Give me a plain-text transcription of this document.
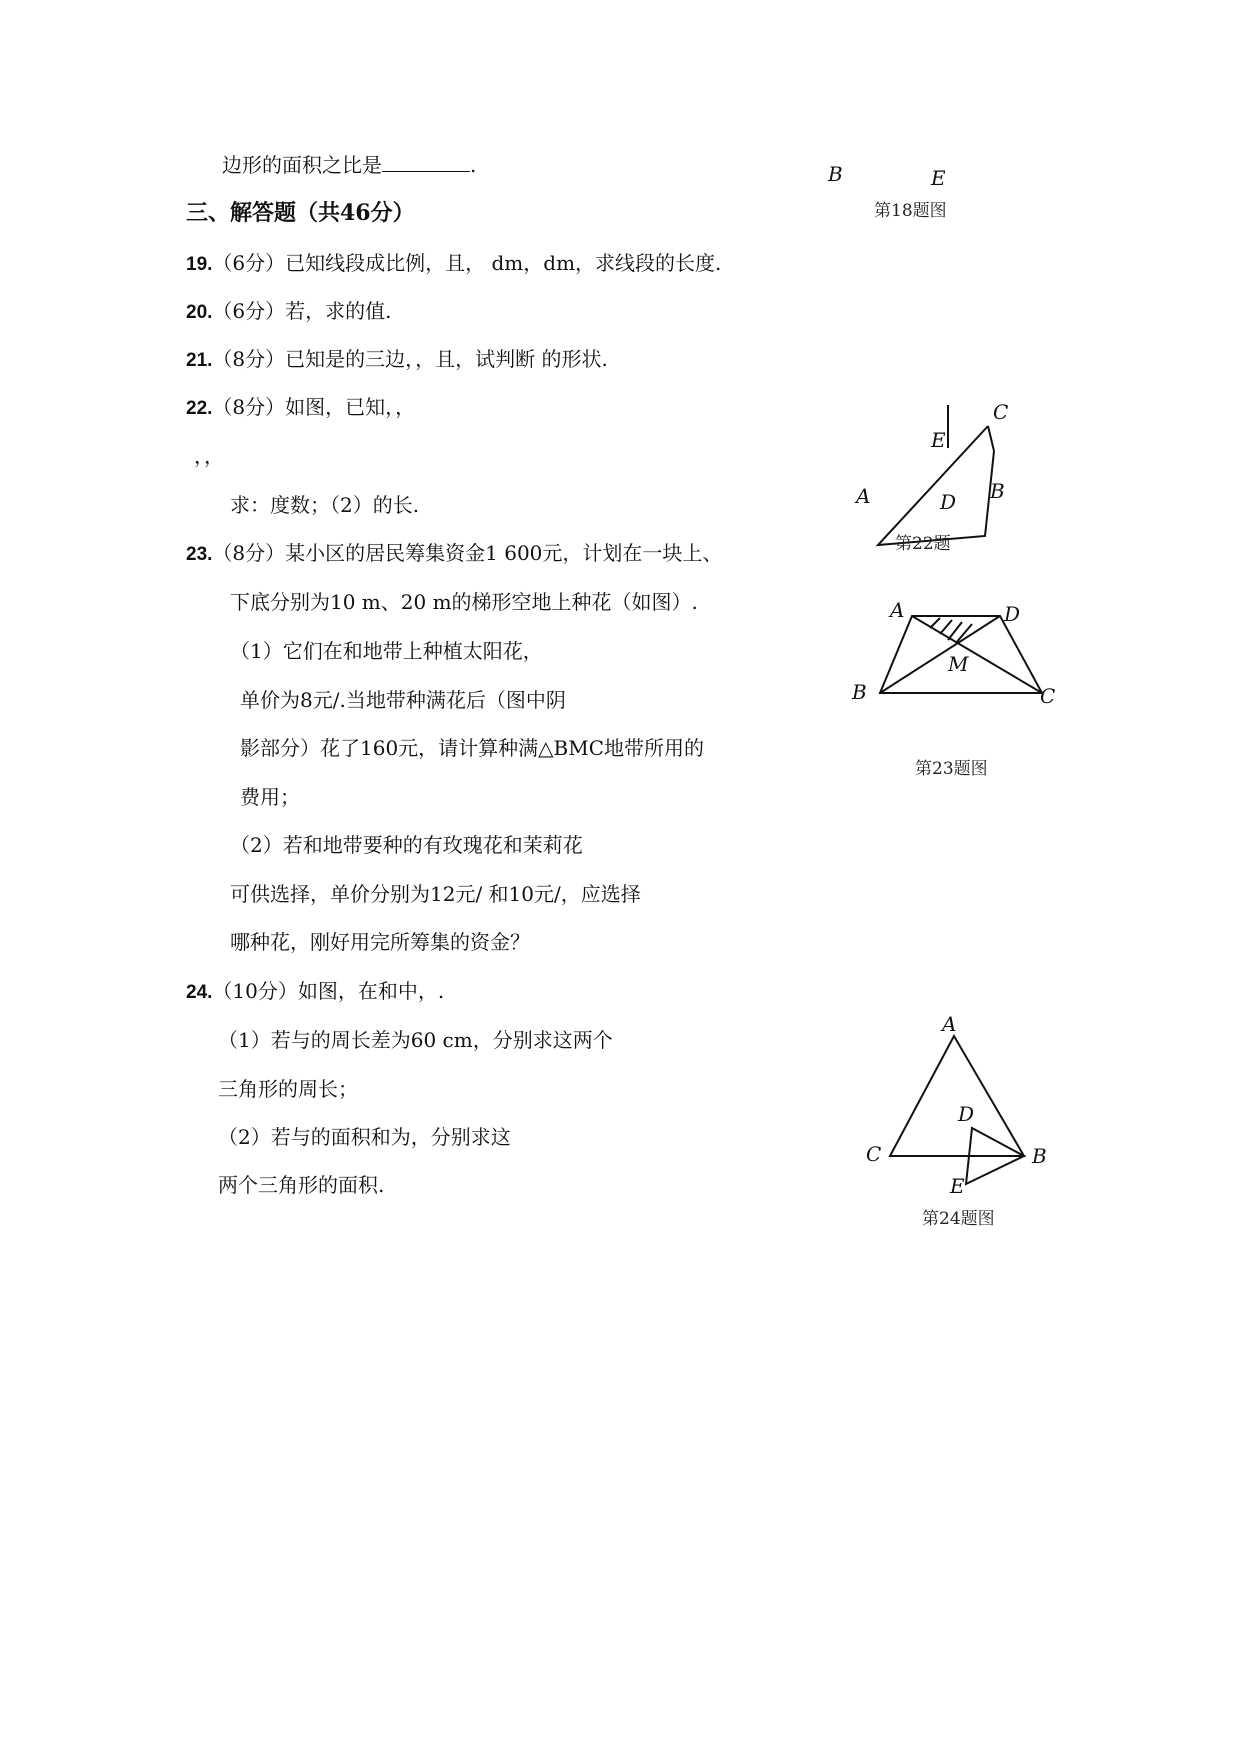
边形的面积之比是	.
三、解答题（共46分）
19.（6分）已知线段成比例，且， dm，dm，求线段的长度.
20.（6分）若，求的值.
21.（8分）已知是的三边，，且，试判断 的形状.
22.（8分）如图，已知，，
，，
求：度数；（2）的长.
23.（8分）某小区的居民筹集资金1 600元，计划在一块上、
下底分别为10 m、20 m的梯形空地上种花（如图）.
（1）它们在和地带上种植太阳花，
单价为8元/.当地带种满花后（图中阴
影部分）花了160元，请计算种满△BMC地带所用的
费用；
（2）若和地带要种的有玫瑰花和茉莉花
可供选择，单价分别为12元/ 和10元/，应选择
哪种花，刚好用完所筹集的资金？
24.（10分）如图，在和中，.
（1）若与的周长差为60 cm，分别求这两个
三角形的周长；
（2）若与的面积和为，分别求这
两个三角形的面积.
B	E
第18题图
C
E
A	D B
第22题
A	D
M
B	C
第23题图
A
D
C	B
E
第24题图
